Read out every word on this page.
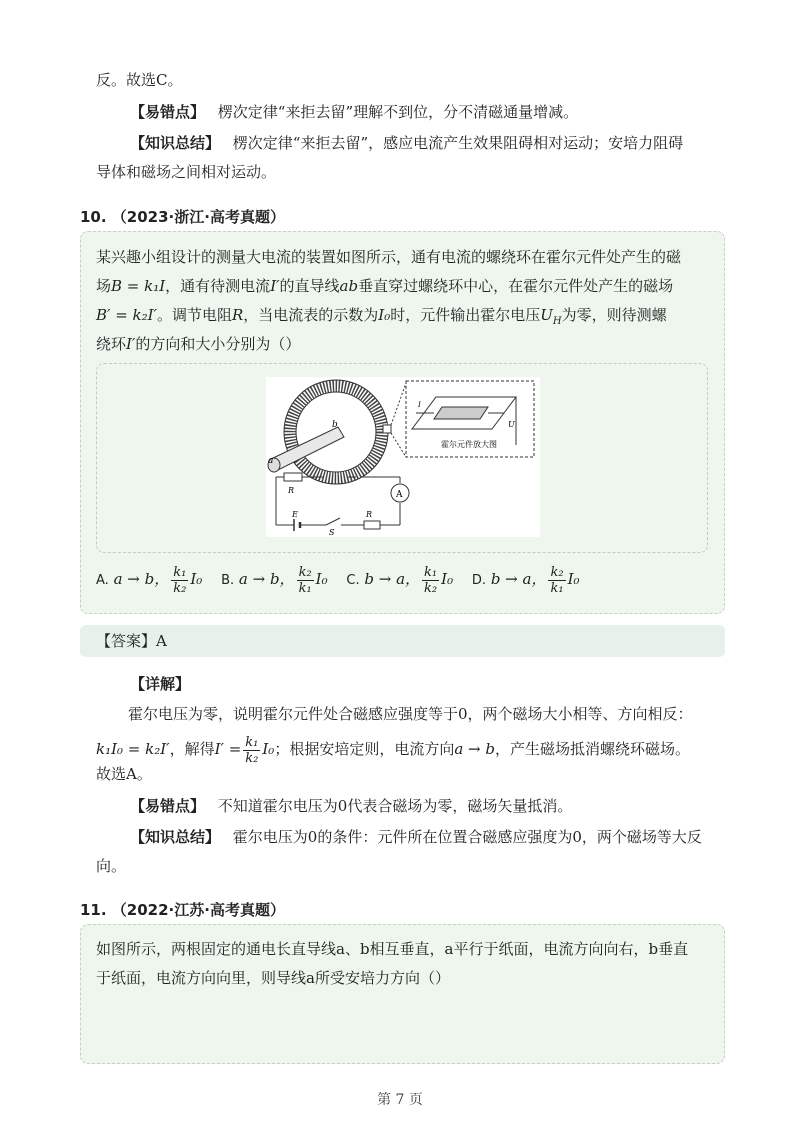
反。故选C。
【易错点】 楞次定律“来拒去留”理解不到位，分不清磁通量增减。
【知识总结】 楞次定律“来拒去留”，感应电流产生效果阻碍相对运动；安培力阻碍
导体和磁场之间相对运动。
10. （2023·浙江·高考真题）
某兴趣小组设计的测量大电流的装置如图所示，通有电流的螺绕环在霍尔元件处产生的磁
场B = k₁I，通有待测电流I′的直导线ab垂直穿过螺绕环中心，在霍尔元件处产生的磁场
B′ = k₂I′。调节电阻R，当电流表的示数为I₀时，元件输出霍尔电压$U_H$为零，则待测螺
绕环I′的方向和大小分别为（）
a
b
I
U
霍尔元件放大图
R	A
E
S
R
A. a → b， $\frac{\text{k₁}}{\text{k₂}} I_0$ B. a → b， $\frac{\text{k₂}}{\text{k₁}} I_0$ C. b → a， $\frac{\text{k₁}}{\text{k₂}} I_0$ D. b → a， $\frac{\text{k₂}}{\text{k₁}} I_0$
【答案】A
【详解】
霍尔电压为零，说明霍尔元件处合磁感应强度等于0，两个磁场大小相等、方向相反：
k₁I₀ = k₂I′，解得$I' = \frac{\text{k₁}}{\text{k₂}} I_0$；根据安培定则，电流方向a → b，产生磁场抵消螺绕环磁场。
故选A。
【易错点】 不知道霍尔电压为0代表合磁场为零，磁场矢量抵消。
【知识总结】 霍尔电压为0的条件：元件所在位置合磁感应强度为0，两个磁场等大反
向。
11. （2022·江苏·高考真题）
如图所示，两根固定的通电长直导线a、b相互垂直，a平行于纸面，电流方向向右，b垂直
于纸面，电流方向向里，则导线a所受安培力方向（）
第 7 页
